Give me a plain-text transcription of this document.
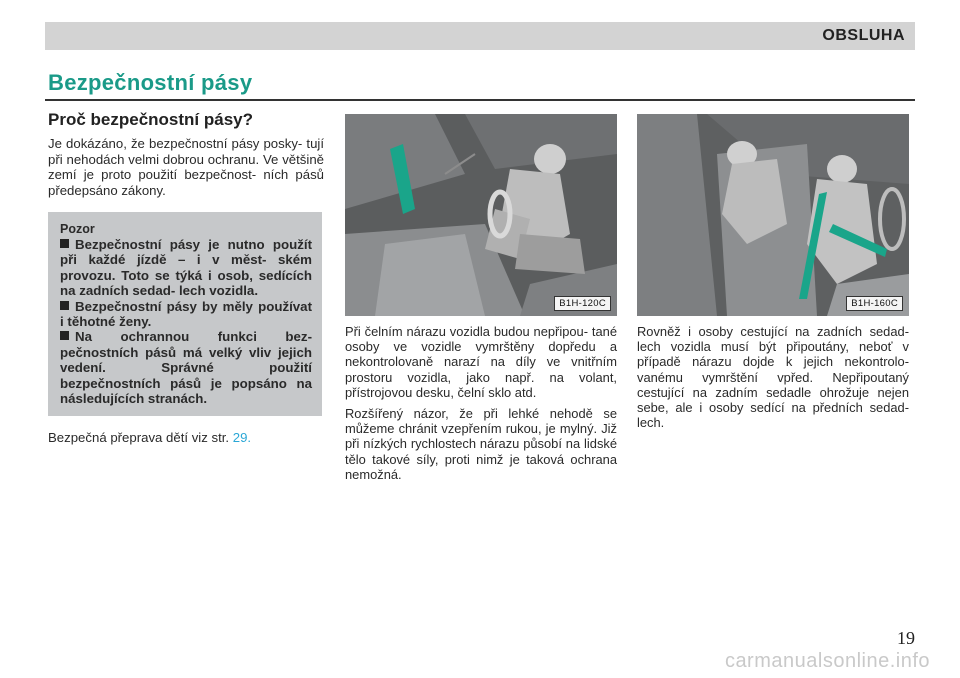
OBSLUHA
Bezpečnostní pásy
Proč bezpečnostní pásy?

Je dokázáno, že bezpečnostní pásy posky- tují při nehodách velmi dobrou ochranu. Ve většině zemí je proto použití bezpečnost- ních pásů předepsáno zákony.

Pozor
Bezpečnostní pásy je nutno použít při každé jízdě – i v měst- ském provozu. Toto se týká i osob, sedících na zadních sedad- lech vozidla.
Bezpečnostní pásy by měly používat i těhotné ženy.
Na ochrannou funkci bez- pečnostních pásů má velký vliv jejich vedení. Správné použití bezpečnostních pásů je popsáno na následujících stranách.
Bezpečná přeprava dětí viz str. 29.
B1H-120C	B1H-160C

Při čelním nárazu vozidla budou nepřipou- tané osoby ve vozidle vymrštěny dopředu a nekontrolovaně narazí na díly ve vnitřním prostoru vozidla, jako např. na volant, přístrojovou desku, čelní sklo atd.

Rozšířený názor, že při lehké nehodě se můžeme chránit vzepřením rukou, je mylný. Již při nízkých rychlostech nárazu působí na lidské tělo takové síly, proti nimž je taková ochrana nemožná.

Rovněž i osoby cestující na zadních sedad- lech vozidla musí být připoutány, neboť v případě nárazu dojde k jejich nekontrolo- vanému vymrštění vpřed. Nepřipoutaný cestující na zadním sedadle ohrožuje nejen sebe, ale i osoby sedící na předních sedad- lech.

19
carmanualsonline.info
